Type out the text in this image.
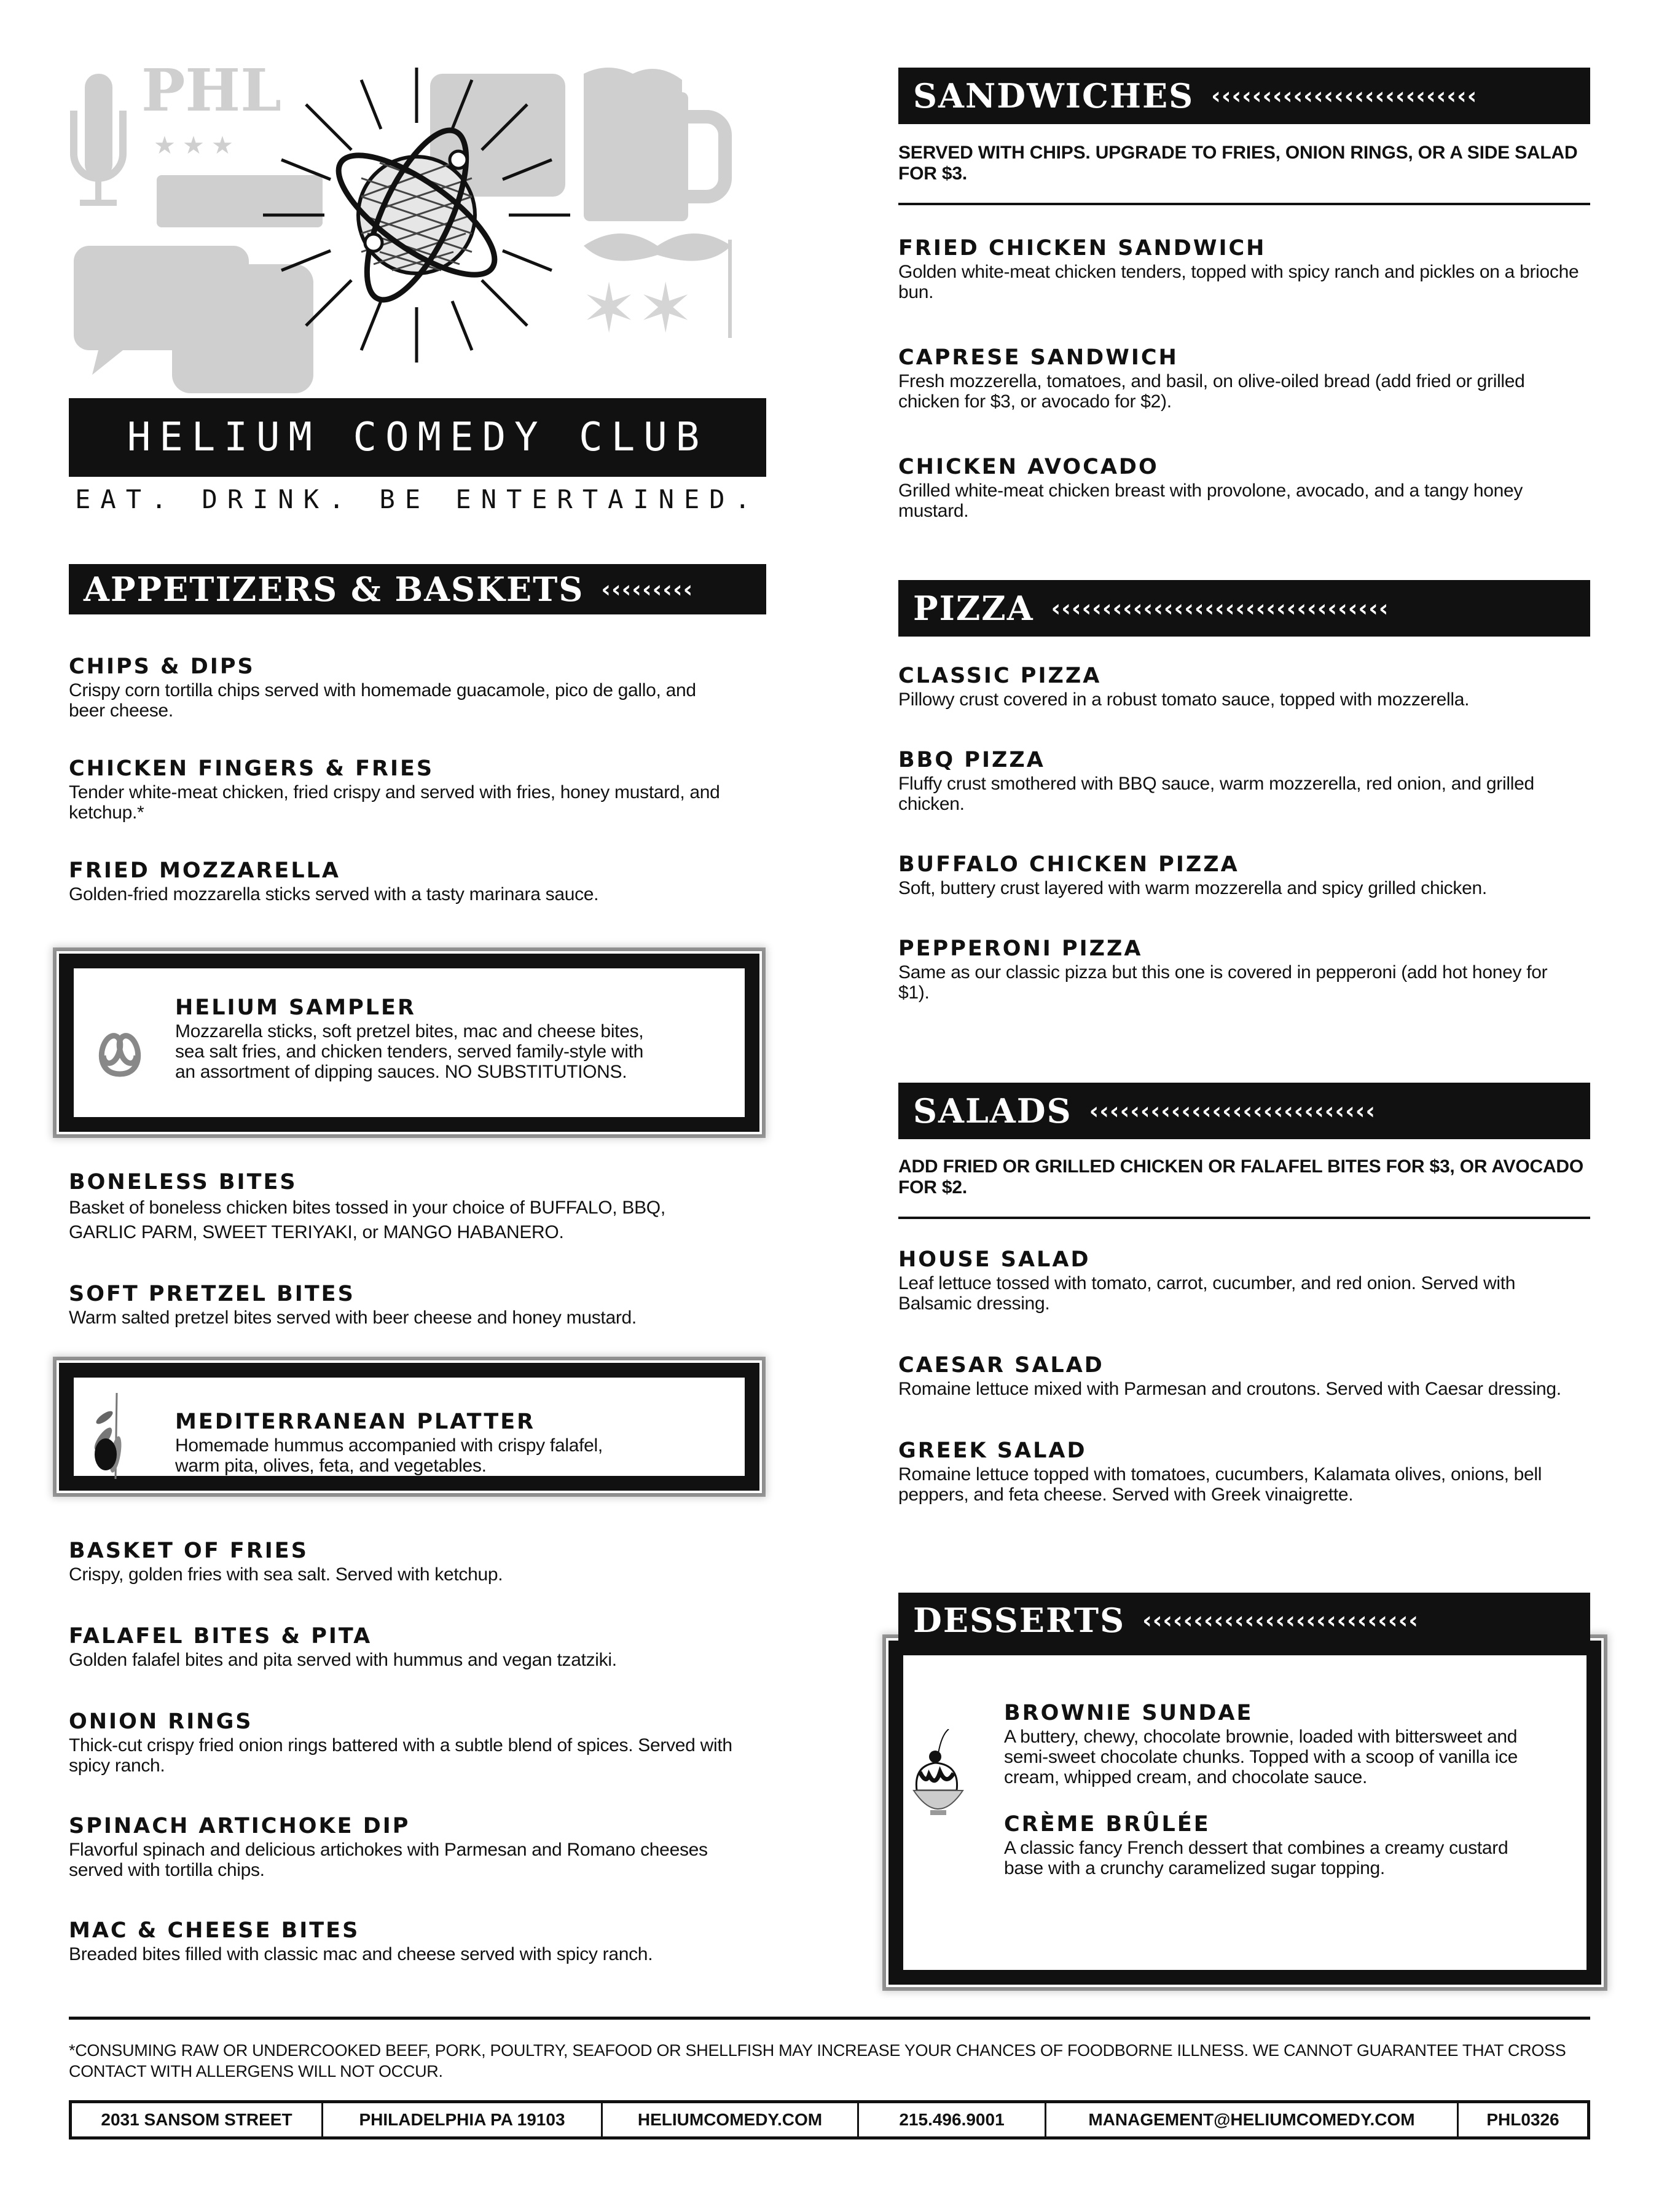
PHL
★ ★ ★
✶✶
HELIUM COMEDY CLUB
EAT. DRINK. BE ENTERTAINED.
APPETIZERS & BASKETS ‹‹‹‹‹‹‹‹‹

CHIPS & DIPS

Crispy corn tortilla chips served with homemade guacamole, pico de gallo, and beer cheese.

CHICKEN FINGERS & FRIES

Tender white-meat chicken, fried crispy and served with fries, honey mustard, and ketchup.*

FRIED MOZZARELLA

Golden-fried mozzarella sticks served with a tasty marinara sauce.

HELIUM SAMPLER

Mozzarella sticks, soft pretzel bites, mac and cheese bites, sea salt fries, and chicken tenders, served family-style with an assortment of dipping sauces. NO SUBSTITUTIONS.

BONELESS BITES

Basket of boneless chicken bites tossed in your choice of BUFFALO, BBQ, GARLIC PARM, SWEET TERIYAKI, or MANGO HABANERO.

SOFT PRETZEL BITES

Warm salted pretzel bites served with beer cheese and honey mustard.

MEDITERRANEAN PLATTER

Homemade hummus accompanied with crispy falafel, warm pita, olives, feta, and vegetables.

BASKET OF FRIES

Crispy, golden fries with sea salt. Served with ketchup.

FALAFEL BITES & PITA

Golden falafel bites and pita served with hummus and vegan tzatziki.

ONION RINGS

Thick-cut crispy fried onion rings battered with a subtle blend of spices. Served with spicy ranch.

SPINACH ARTICHOKE DIP

Flavorful spinach and delicious artichokes with Parmesan and Romano cheeses served with tortilla chips.

MAC & CHEESE BITES

Breaded bites filled with classic mac and cheese served with spicy ranch.

SANDWICHES ‹‹‹‹‹‹‹‹‹‹‹‹‹‹‹‹‹‹‹‹‹‹‹‹‹‹
SERVED WITH CHIPS. UPGRADE TO FRIES, ONION RINGS, OR A SIDE SALAD FOR $3.

FRIED CHICKEN SANDWICH

Golden white-meat chicken tenders, topped with spicy ranch and pickles on a brioche bun.

CAPRESE SANDWICH

Fresh mozzerella, tomatoes, and basil, on olive-oiled bread (add fried or grilled chicken for $3, or avocado for $2).

CHICKEN AVOCADO

Grilled white-meat chicken breast with provolone, avocado, and a tangy honey mustard.

PIZZA ‹‹‹‹‹‹‹‹‹‹‹‹‹‹‹‹‹‹‹‹‹‹‹‹‹‹‹‹‹‹‹‹‹

CLASSIC PIZZA

Pillowy crust covered in a robust tomato sauce, topped with mozzerella.

BBQ PIZZA

Fluffy crust smothered with BBQ sauce, warm mozzerella, red onion, and grilled chicken.

BUFFALO CHICKEN PIZZA

Soft, buttery crust layered with warm mozzerella and spicy grilled chicken.

PEPPERONI PIZZA

Same as our classic pizza but this one is covered in pepperoni (add hot honey for $1).

SALADS ‹‹‹‹‹‹‹‹‹‹‹‹‹‹‹‹‹‹‹‹‹‹‹‹‹‹‹‹
ADD FRIED OR GRILLED CHICKEN OR FALAFEL BITES FOR $3, OR AVOCADO FOR $2.

HOUSE SALAD

Leaf lettuce tossed with tomato, carrot, cucumber, and red onion. Served with Balsamic dressing.

CAESAR SALAD

Romaine lettuce mixed with Parmesan and croutons. Served with Caesar dressing.

GREEK SALAD

Romaine lettuce topped with tomatoes, cucumbers, Kalamata olives, onions, bell peppers, and feta cheese. Served with Greek vinaigrette.

BROWNIE SUNDAE

A buttery, chewy, chocolate brownie, loaded with bittersweet and semi-sweet chocolate chunks. Topped with a scoop of vanilla ice cream, whipped cream, and chocolate sauce.

CRÈME BRÛLÉE

A classic fancy French dessert that combines a creamy custard base with a crunchy caramelized sugar topping.

DESSERTS ‹‹‹‹‹‹‹‹‹‹‹‹‹‹‹‹‹‹‹‹‹‹‹‹‹‹‹
*CONSUMING RAW OR UNDERCOOKED BEEF, PORK, POULTRY, SEAFOOD OR SHELLFISH MAY INCREASE YOUR CHANCES OF FOODBORNE ILLNESS. WE CANNOT GUARANTEE THAT CROSS CONTACT WITH ALLERGENS WILL NOT OCCUR.
2031 SANSOM STREET	PHILADELPHIA PA 19103	HELIUMCOMEDY.COM	215.496.9001	MANAGEMENT@HELIUMCOMEDY.COM	PHL0326
